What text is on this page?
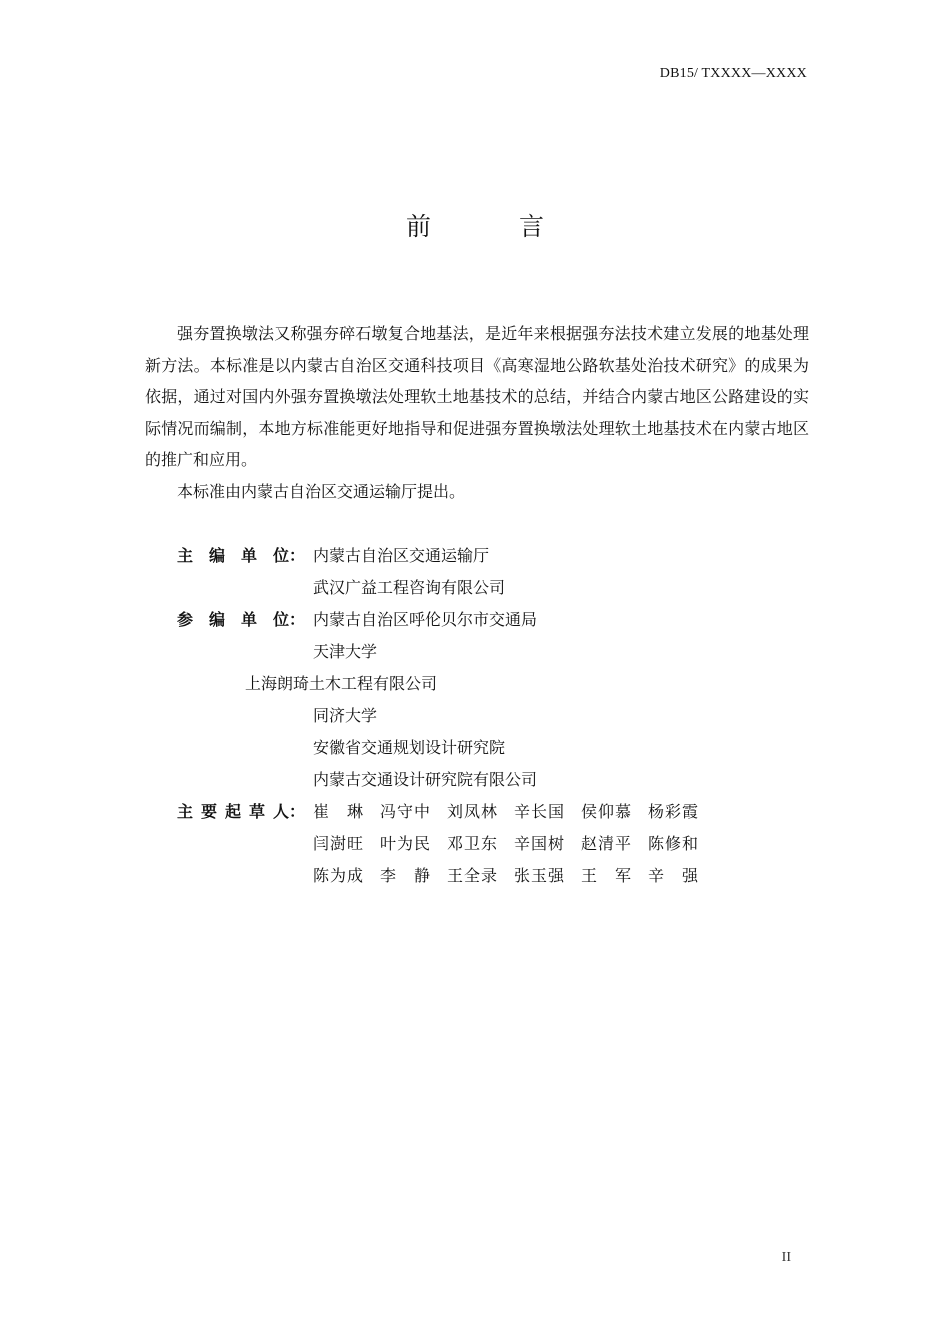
DB15/ TXXXX—XXXX
前 言

强夯置换墩法又称强夯碎石墩复合地基法，是近年来根据强夯法技术建立发展的地基处理新方法。本标准是以内蒙古自治区交通科技项目《高寒湿地公路软基处治技术研究》的成果为依据，通过对国内外强夯置换墩法处理软土地基技术的总结，并结合内蒙古地区公路建设的实际情况而编制，本地方标准能更好地指导和促进强夯置换墩法处理软土地基技术在内蒙古地区的推广和应用。

本标准由内蒙古自治区交通运输厅提出。

主 编 单 位： 内蒙古自治区交通运输厅
武汉广益工程咨询有限公司
参 编 单 位： 内蒙古自治区呼伦贝尔市交通局
天津大学
上海朗琦土木工程有限公司
同济大学
安徽省交通规划设计研究院
内蒙古交通设计研究院有限公司
主 要 起 草 人： 崔　琳 冯守中 刘凤林 辛长国 侯仰慕 杨彩霞
闫澍旺 叶为民 邓卫东 辛国树 赵清平 陈修和
陈为成 李　静 王全录 张玉强 王　军 辛　强
II
